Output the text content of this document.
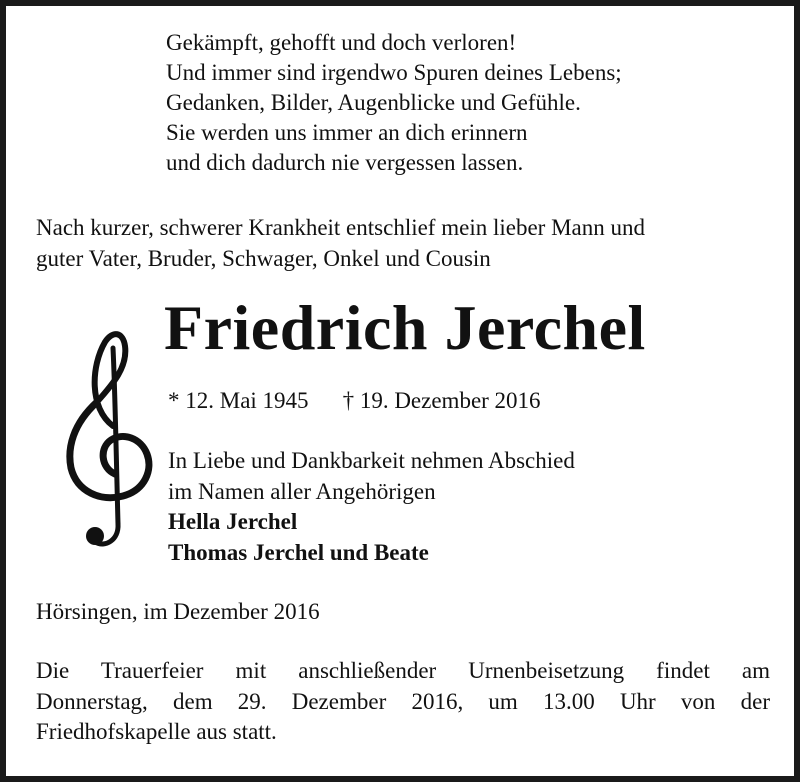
Gekämpft, gehofft und doch verloren!
Und immer sind irgendwo Spuren deines Lebens;
Gedanken, Bilder, Augenblicke und Gefühle.
Sie werden uns immer an dich erinnern
und dich dadurch nie vergessen lassen.
Nach kurzer, schwerer Krankheit entschlief mein lieber Mann und
guter Vater, Bruder, Schwager, Onkel und Cousin
Friedrich Jerchel
* 12. Mai 1945 † 19. Dezember 2016
In Liebe und Dankbarkeit nehmen Abschied
im Namen aller Angehörigen
Hella Jerchel
Thomas Jerchel und Beate
Hörsingen, im Dezember 2016
Die Trauerfeier mit anschließender Urnenbeisetzung findet am
Donnerstag, dem 29. Dezember 2016, um 13.00 Uhr von der
Friedhofskapelle aus statt.
